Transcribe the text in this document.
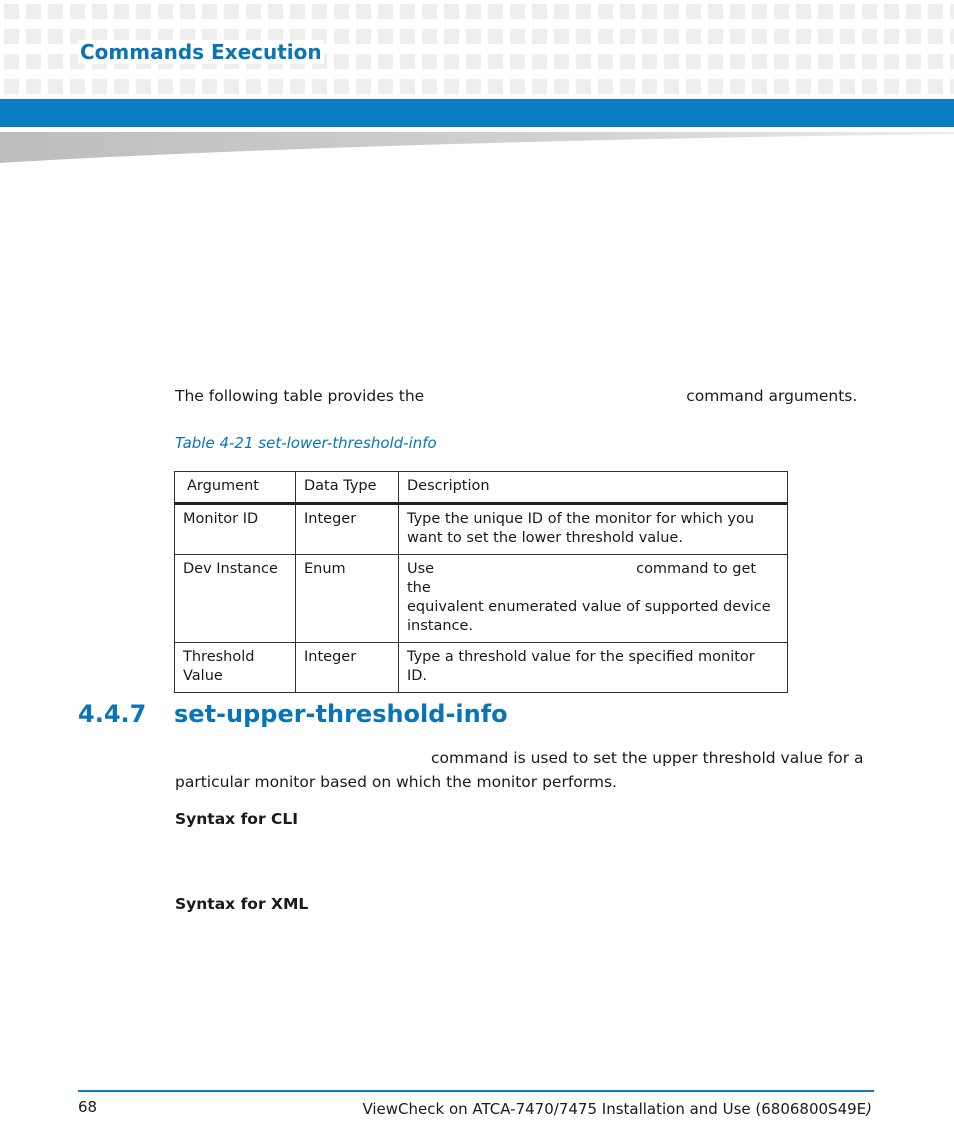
Commands Execution

The following table provides the	command arguments.

Table 4-21 set-lower-threshold-info

Argument	Data Type	Description
Monitor ID	Integer	Type the unique ID of the monitor for which you want to set the lower threshold value.
Dev Instance	Enum	Use command to get the
equivalent enumerated value of supported device instance.
Threshold
Value	Integer	Type a threshold value for the specified monitor ID.
4.4.7 set-upper-threshold-info

command is used to set the upper threshold value for a
particular monitor based on which the monitor performs.

Syntax for CLI

Syntax for XML

68	ViewCheck on ATCA-7470/7475 Installation and Use (6806800S49E)
